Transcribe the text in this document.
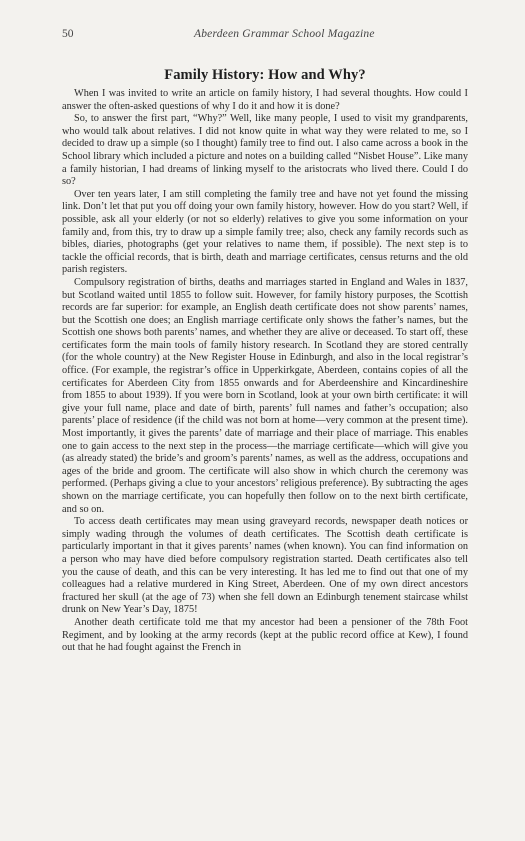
50	Aberdeen Grammar School Magazine
Family History: How and Why?

When I was invited to write an article on family history, I had several thoughts. How could I answer the often-asked questions of why I do it and how it is done?

So, to answer the first part, “Why?” Well, like many people, I used to visit my grandparents, who would talk about relatives. I did not know quite in what way they were related to me, so I decided to draw up a simple (so I thought) family tree to find out. I also came across a book in the School library which included a picture and notes on a building called “Nisbet House”. Like many a family historian, I had dreams of linking myself to the aristocrats who lived there. Could I do so?

Over ten years later, I am still completing the family tree and have not yet found the missing link. Don’t let that put you off doing your own family history, however. How do you start? Well, if possible, ask all your elderly (or not so elderly) relatives to give you some information on your family and, from this, try to draw up a simple family tree; also, check any family records such as bibles, diaries, photographs (get your relatives to name them, if possible). The next step is to tackle the official records, that is birth, death and marriage certificates, census returns and the old parish registers.

Compulsory registration of births, deaths and marriages started in England and Wales in 1837, but Scotland waited until 1855 to follow suit. However, for family history purposes, the Scottish records are far superior: for example, an English death certificate does not show parents’ names, but the Scottish one does; an English marriage certificate only shows the father’s names, but the Scottish one shows both parents’ names, and whether they are alive or deceased. To start off, these certificates form the main tools of family history research. In Scotland they are stored centrally (for the whole country) at the New Register House in Edinburgh, and also in the local registrar’s office. (For example, the registrar’s office in Upperkirkgate, Aberdeen, contains copies of all the certificates for Aberdeen City from 1855 onwards and for Aberdeenshire and Kincardineshire from 1855 to about 1939). If you were born in Scotland, look at your own birth certificate: it will give your full name, place and date of birth, parents’ full names and father’s occupation; also parents’ place of residence (if the child was not born at home—very common at the present time). Most importantly, it gives the parents’ date of marriage and their place of marriage. This enables one to gain access to the next step in the process—the marriage certificate—which will give you (as already stated) the bride’s and groom’s parents’ names, as well as the address, occupations and ages of the bride and groom. The certificate will also show in which church the ceremony was performed. (Perhaps giving a clue to your ancestors’ religious preference). By subtracting the ages shown on the marriage certificate, you can hopefully then follow on to the next birth certificate, and so on.

To access death certificates may mean using graveyard records, newspaper death notices or simply wading through the volumes of death certificates. The Scottish death certificate is particularly important in that it gives parents’ names (when known). You can find information on a person who may have died before compulsory registration started. Death certificates also tell you the cause of death, and this can be very interesting. It has led me to find out that one of my colleagues had a relative murdered in King Street, Aberdeen. One of my own direct ancestors fractured her skull (at the age of 73) when she fell down an Edinburgh tenement staircase whilst drunk on New Year’s Day, 1875!

Another death certificate told me that my ancestor had been a pensioner of the 78th Foot Regiment, and by looking at the army records (kept at the public record office at Kew), I found out that he had fought against the French in
